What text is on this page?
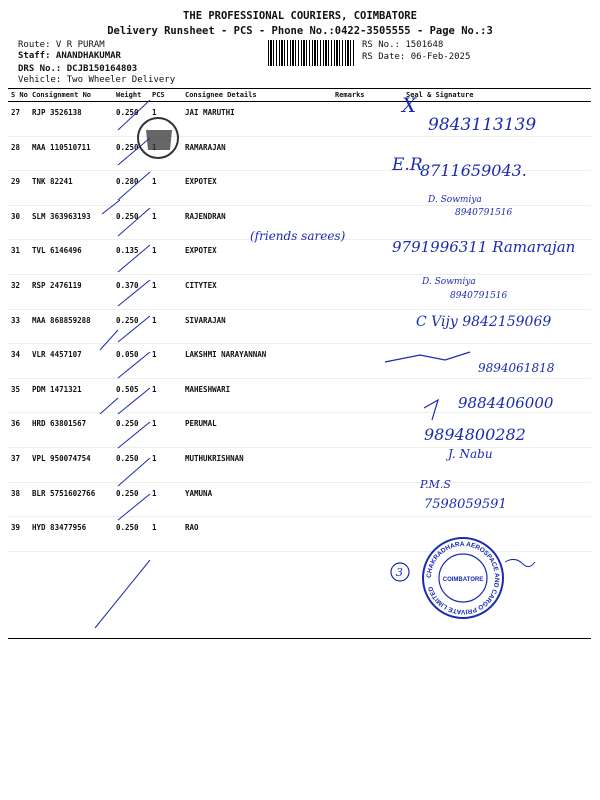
THE PROFESSIONAL COURIERS, COIMBATORE
Delivery Runsheet - PCS - Phone No.:0422-3505555 - Page No.:3
Route: V R PURAM
Staff: ANANDHAKUMAR
DRS No.: DCJB150164803
Vehicle: Two Wheeler Delivery
RS No.: 1501648
RS Date: 06-Feb-2025
S No	Consignment No	Weight	PCS	Consignee Details	Remarks	Seal & Signature
27	RJP 3526138	0.250	1	JAI MARUTHI		
28	MAA 110510711	0.250		RAMARAJAN		
29	TNK 82241	0.280	1	EXPOTEX		
30	SLM 363963193	0.250	1	RAJENDRAN		
31	TVL 6146496	0.135	1	EXPOTEX		
32	RSP 2476119	0.370	1	CITYTEX		
33	MAA 868859288	0.250	1	SIVARAJAN		
34	VLR 4457107	0.050	1	LAKSHMI NARAYANNAN		
35	PDM 1471321	0.505	1	MAHESHWARI		
36	HRD 63801567	0.250	1	PERUMAL		
37	VPL 950074754	0.250	1	MUTHUKRISHNAN		
38	BLR 5751602766	0.250	1	YAMUNA		
39	HYD 83477956	0.250	1	RAO		
X
9843113139
E.R
8711659043.
D. Sowmiya
8940791516
(friends sarees)
9791996311 Ramarajan
D. Sowmiya
8940791516
C Vijy 9842159069
9894061818
9884406000
9894800282
J. Nabu
P.M.S
7598059591
3	CHAKRADHARA AEROSPACE AND CARGO PRIVATE LIMITED
COIMBATORE
